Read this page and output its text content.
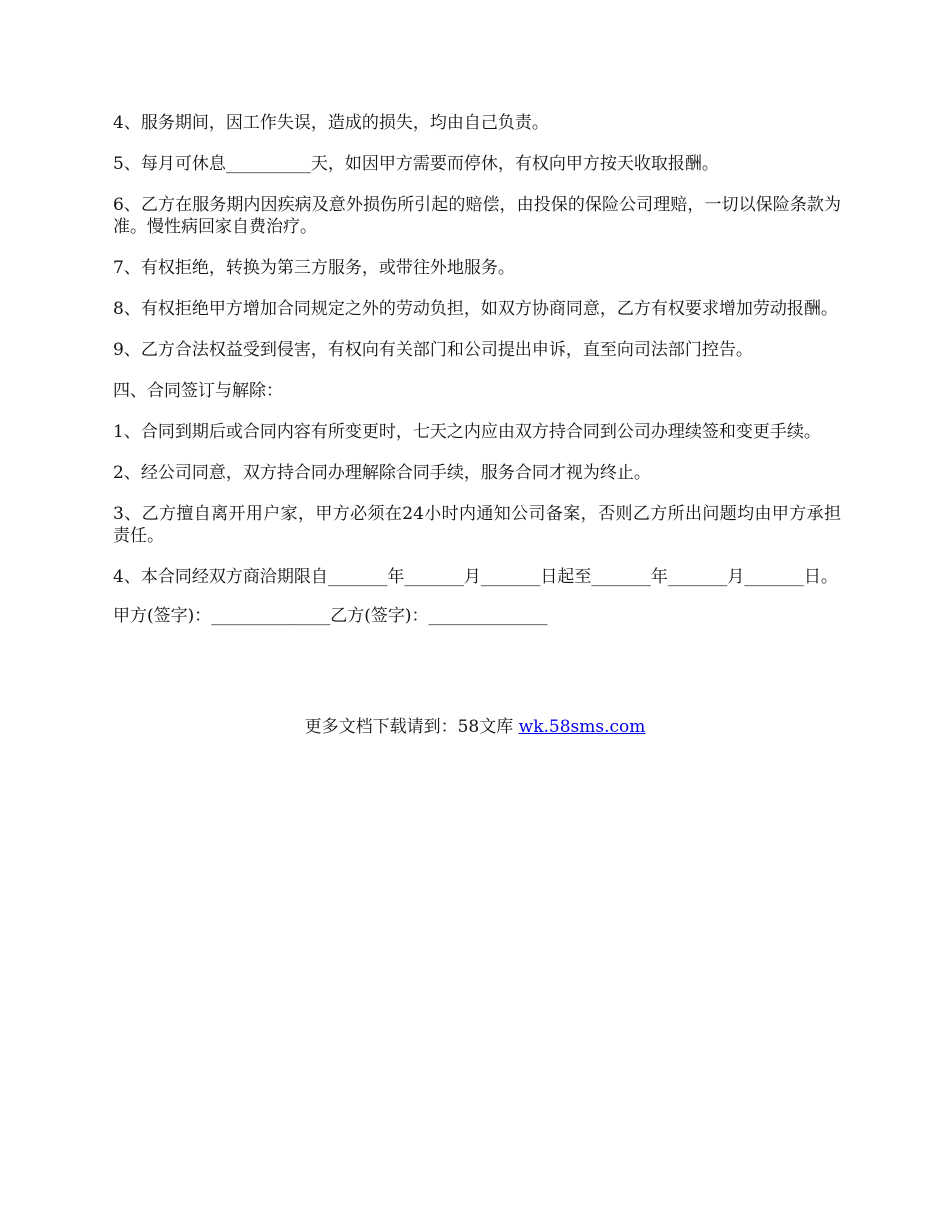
4、服务期间，因工作失误，造成的损失，均由自己负责。

5、每月可休息__________天，如因甲方需要而停休，有权向甲方按天收取报酬。

6、乙方在服务期内因疾病及意外损伤所引起的赔偿，由投保的保险公司理赔，一切以保险条款为准。慢性病回家自费治疗。

7、有权拒绝，转换为第三方服务，或带往外地服务。

8、有权拒绝甲方增加合同规定之外的劳动负担，如双方协商同意，乙方有权要求增加劳动报酬。

9、乙方合法权益受到侵害，有权向有关部门和公司提出申诉，直至向司法部门控告。

四、合同签订与解除：

1、合同到期后或合同内容有所变更时，七天之内应由双方持合同到公司办理续签和变更手续。

2、经公司同意，双方持合同办理解除合同手续，服务合同才视为终止。

3、乙方擅自离开用户家，甲方必须在24小时内通知公司备案，否则乙方所出问题均由甲方承担责任。

4、本合同经双方商洽期限自_______年_______月_______日起至_______年_______月_______日。

甲方(签字)：______________乙方(签字)：______________

更多文档下载请到：58文库 wk.58sms.com
